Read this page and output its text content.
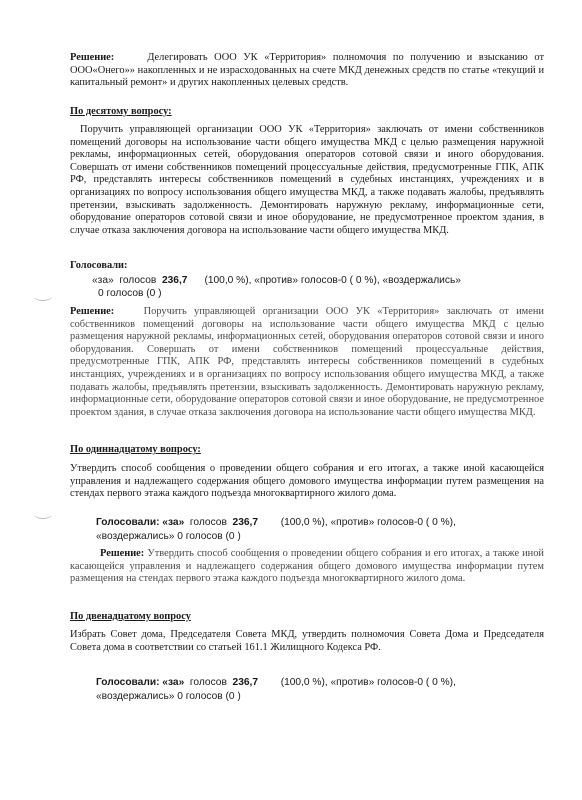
Решение:	Делегировать ООО УК «Территория» полномочия по получению и взысканию от ООО«Онего»» накопленных и не израсходованных на счете МКД денежных средств по статье «текущий и капитальный ремонт» и других накопленных целевых средств.

По десятому вопросу:

Поручить управляющей организации ООО УК «Территория» заключать от имени собственников помещений договоры на использование части общего имущества МКД с целью размещения наружной рекламы, информационных сетей, оборудования операторов сотовой связи и иного оборудования. Совершать от имени собственников помещений процессуальные действия, предусмотренные ГПК, АПК РФ, представлять интересы собственников помещений в судебных инстанциях, учреждениях и в организациях по вопросу использования общего имущества МКД, а также подавать жалобы, предъявлять претензии, взыскивать задолженность. Демонтировать наружную рекламу, информационные сети, оборудование операторов сотовой связи и иное оборудование, не предусмотренное проектом здания, в случае отказа заключения договора на использование части общего имущества МКД.

Голосовали:
«за» голосов 236,7 (100,0 %), «против» голосов-0 ( 0 %), «воздержались»
0 голосов (0 )

Решение:	Поручить управляющей организации ООО УК «Территория» заключать от имени собственников помещений договоры на использование части общего имущества МКД с целью размещения наружной рекламы, информационных сетей, оборудования операторов сотовой связи и иного оборудования. Совершать от имени собственников помещений процессуальные действия, предусмотренные ГПК, АПК РФ, представлять интересы собственников помещений в судебных инстанциях, учреждениях и в организациях по вопросу использования общего имущества МКД, а также подавать жалобы, предъявлять претензии, взыскивать задолженность. Демонтировать наружную рекламу, информационные сети, оборудование операторов сотовой связи и иное оборудование, не предусмотренное проектом здания, в случае отказа заключения договора на использование части общего имущества МКД.

По одиннадцатому вопросу:

Утвердить способ сообщения о проведении общего собрания и его итогах, а также иной касающейся управления и надлежащего содержания общего домового имущества информации путем размещения на стендах первого этажа каждого подъезда многоквартирного жилого дома.

Голосовали: «за» голосов 236,7 (100,0 %), «против» голосов-0 ( 0 %),
«воздержались» 0 голосов (0 )

Решение: Утвердить способ сообщения о проведении общего собрания и его итогах, а также иной касающейся управления и надлежащего содержания общего домового имущества информации путем размещения на стендах первого этажа каждого подъезда многоквартирного жилого дома.

По двенадцатому вопросу

Избрать Совет дома, Председателя Совета МКД, утвердить полномочия Совета Дома и Председателя Совета дома в соответствии со статьей 161.1 Жилищного Кодекса РФ.

Голосовали: «за» голосов 236,7 (100,0 %), «против» голосов-0 ( 0 %),
«воздержались» 0 голосов (0 )
